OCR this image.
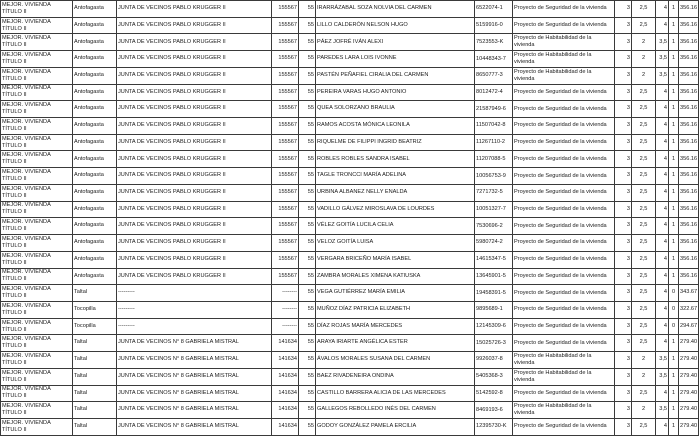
MEJOR. VIVIENDA TÍTULO II	Antofagasta	JUNTA DE VECINOS PABLO KRUGGER II	155567	55	IRARRÁZABAL SOZA NOLVIA DEL CARMEN	6522074-1	Proyecto de Seguridad de la vivienda	3	2,5	4	1	356.16
MEJOR. VIVIENDA TÍTULO II	Antofagasta	JUNTA DE VECINOS PABLO KRUGGER II	155567	55	LILLO CALDERÓN NELSON HUGO	5159916-0	Proyecto de Seguridad de la vivienda	3	2,5	4	1	356.16
MEJOR. VIVIENDA TÍTULO II	Antofagasta	JUNTA DE VECINOS PABLO KRUGGER II	155567	55	PÁEZ JOFRÉ IVÁN ALEXI	7523553-K	Proyecto de Habitabilidad de la vivienda	3	2	3,5	1	356.16
MEJOR. VIVIENDA TÍTULO II	Antofagasta	JUNTA DE VECINOS PABLO KRUGGER II	155567	55	PAREDES LARA LOIS IVONNE	10448343-7	Proyecto de Habitabilidad de la vivienda	3	2	3,5	1	356.16
MEJOR. VIVIENDA TÍTULO II	Antofagasta	JUNTA DE VECINOS PABLO KRUGGER II	155567	55	PASTÉN PEÑAFIEL CIRALIA DEL CARMEN	8650777-3	Proyecto de Habitabilidad de la vivienda	3	2	3,5	1	356.16
MEJOR. VIVIENDA TÍTULO II	Antofagasta	JUNTA DE VECINOS PABLO KRUGGER II	155567	55	PEREIRA VARAS HUGO ANTONIO	8012472-4	Proyecto de Seguridad de la vivienda	3	2,5	4	1	356.16
MEJOR. VIVIENDA TÍTULO II	Antofagasta	JUNTA DE VECINOS PABLO KRUGGER II	155567	55	QUEA SOLORZANO BRAULIA	21587949-6	Proyecto de Seguridad de la vivienda	3	2,5	4	1	356.16
MEJOR. VIVIENDA TÍTULO II	Antofagasta	JUNTA DE VECINOS PABLO KRUGGER II	155567	55	RAMOS ACOSTA MÓNICA LEONILA	11507042-8	Proyecto de Seguridad de la vivienda	3	2,5	4	1	356.16
MEJOR. VIVIENDA TÍTULO II	Antofagasta	JUNTA DE VECINOS PABLO KRUGGER II	155567	55	RIQUELME DE FILIPPI INGRID BEATRIZ	11267110-2	Proyecto de Seguridad de la vivienda	3	2,5	4	1	356.16
MEJOR. VIVIENDA TÍTULO II	Antofagasta	JUNTA DE VECINOS PABLO KRUGGER II	155567	55	ROBLES ROBLES SANDRA ISABEL	11207088-5	Proyecto de Seguridad de la vivienda	3	2,5	4	1	356.16
MEJOR. VIVIENDA TÍTULO II	Antofagasta	JUNTA DE VECINOS PABLO KRUGGER II	155567	55	TAGLE TRONCCI MARÍA ADELINA	10056753-9	Proyecto de Seguridad de la vivienda	3	2,5	4	1	356.16
MEJOR. VIVIENDA TÍTULO II	Antofagasta	JUNTA DE VECINOS PABLO KRUGGER II	155567	55	URBINA ALBANEZ NELLY ENALDA	7271732-5	Proyecto de Seguridad de la vivienda	3	2,5	4	1	356.16
MEJOR. VIVIENDA TÍTULO II	Antofagasta	JUNTA DE VECINOS PABLO KRUGGER II	155567	55	VADILLO GÁLVEZ MIROSLAVA DE LOURDES	10051327-7	Proyecto de Seguridad de la vivienda	3	2,5	4	1	356.16
MEJOR. VIVIENDA TÍTULO II	Antofagasta	JUNTA DE VECINOS PABLO KRUGGER II	155567	55	VÉLEZ GOITÍA LUCILA CELIA	7530696-2	Proyecto de Seguridad de la vivienda	3	2,5	4	1	356.16
MEJOR. VIVIENDA TÍTULO II	Antofagasta	JUNTA DE VECINOS PABLO KRUGGER II	155567	55	VELOZ GOITÍA LUISA	5980724-2	Proyecto de Seguridad de la vivienda	3	2,5	4	1	356.16
MEJOR. VIVIENDA TÍTULO II	Antofagasta	JUNTA DE VECINOS PABLO KRUGGER II	155567	55	VERGARA BRICEÑO MARÍA ISABEL	14615347-5	Proyecto de Seguridad de la vivienda	3	2,5	4	1	356.16
MEJOR. VIVIENDA TÍTULO II	Antofagasta	JUNTA DE VECINOS PABLO KRUGGER II	155567	55	ZAMBRA MORALES XIMENA KATIUSKA	13645901-5	Proyecto de Seguridad de la vivienda	3	2,5	4	1	356.16
MEJOR. VIVIENDA TÍTULO II	Taltal	---------	--------	55	VEGA GUTIÉRREZ MARÍA EMILIA	19458391-5	Proyecto de Seguridad de la vivienda	3	2,5	4	0	343.67
MEJOR. VIVIENDA TÍTULO II	Tocopilla	---------	--------	55	MUÑOZ DÍAZ PATRICIA ELIZABETH	9895689-1	Proyecto de Seguridad de la vivienda	3	2,5	4	0	322.67
MEJOR. VIVIENDA TÍTULO II	Tocopilla	---------	--------	55	DÍAZ ROJAS MARÍA MERCEDES	12145309-6	Proyecto de Seguridad de la vivienda	3	2,5	4	0	294.67
MEJOR. VIVIENDA TÍTULO II	Taltal	JUNTA DE VECINOS N° 8 GABRIELA MISTRAL	141634	55	ARAYA IRIARTE ANGÉLICA ESTER	15025726-3	Proyecto de Seguridad de la vivienda	3	2,5	4	1	279.40
MEJOR. VIVIENDA TÍTULO II	Taltal	JUNTA DE VECINOS N° 8 GABRIELA MISTRAL	141634	55	ÁVALOS MORALES SUSANA DEL CARMEN	9926037-8	Proyecto de Habitabilidad de la vivienda	3	2	3,5	1	279.40
MEJOR. VIVIENDA TÍTULO II	Taltal	JUNTA DE VECINOS N° 8 GABRIELA MISTRAL	141634	55	BAEZ RIVADENEIRA ONDINA	5405368-3	Proyecto de Habitabilidad de la vivienda	3	2	3,5	1	279.40
MEJOR. VIVIENDA TÍTULO II	Taltal	JUNTA DE VECINOS N° 8 GABRIELA MISTRAL	141634	55	CASTILLO BARRERA ALICIA DE LAS MERCEDES	5142592-8	Proyecto de Seguridad de la vivienda	3	2,5	4	1	279.40
MEJOR. VIVIENDA TÍTULO II	Taltal	JUNTA DE VECINOS N° 8 GABRIELA MISTRAL	141634	55	GALLEGOS REBOLLEDO INÉS DEL CARMEN	8469193-6	Proyecto de Habitabilidad de la vivienda	3	2	3,5	1	279.40
MEJOR. VIVIENDA TÍTULO II	Taltal	JUNTA DE VECINOS N° 8 GABRIELA MISTRAL	141634	55	GODOY GONZÁLEZ PAMELA ERCILIA	12395730-K	Proyecto de Seguridad de la vivienda	3	2,5	4	1	279.40
